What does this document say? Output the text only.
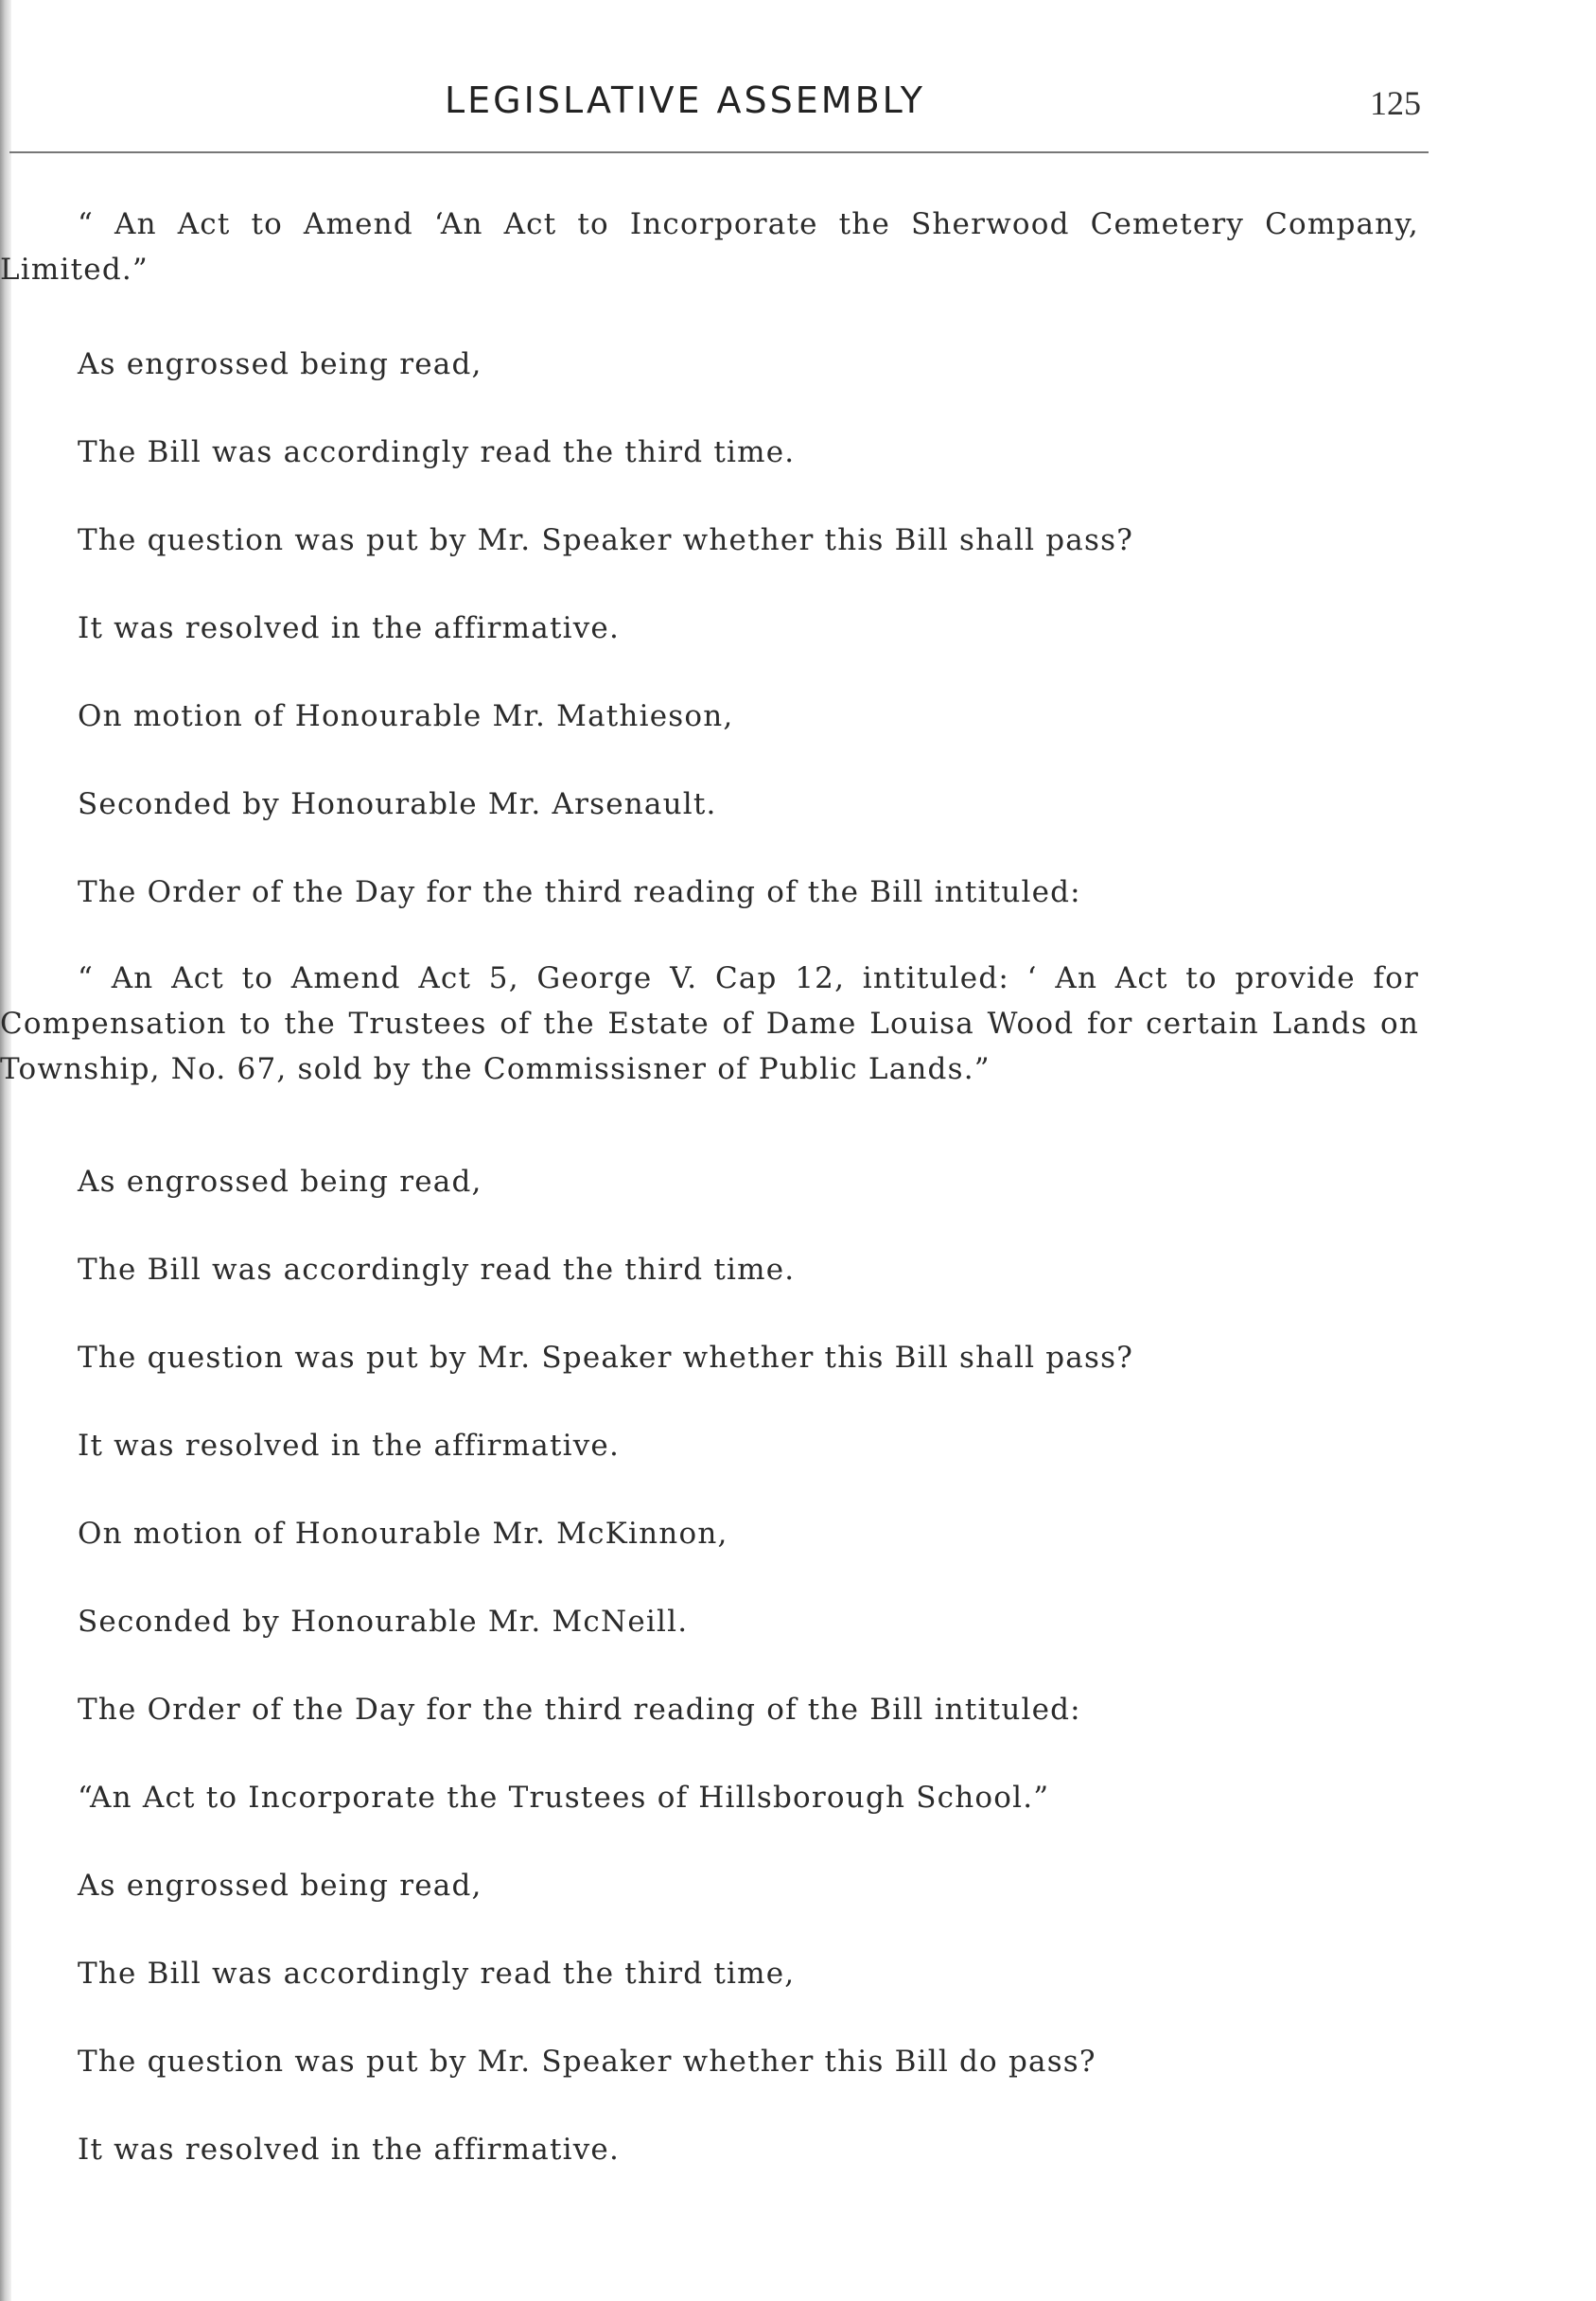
LEGISLATIVE ASSEMBLY	125

“ An Act to Amend ‘An Act to Incorporate the Sherwood Cemetery Company, Limited.”

As engrossed being read,

The Bill was accordingly read the third time.

The question was put by Mr. Speaker whether this Bill shall pass?

It was resolved in the affirmative.

On motion of Honourable Mr. Mathieson,

Seconded by Honourable Mr. Arsenault.

The Order of the Day for the third reading of the Bill intituled:

“ An Act to Amend Act 5, George V. Cap 12, intituled: ‘ An Act to provide for Compensation to the Trustees of the Estate of Dame Louisa Wood for certain Lands on Township, No. 67, sold by the Commissisner of Public Lands.”

As engrossed being read,

The Bill was accordingly read the third time.

The question was put by Mr. Speaker whether this Bill shall pass?

It was resolved in the affirmative.

On motion of Honourable Mr. McKinnon,

Seconded by Honourable Mr. McNeill.

The Order of the Day for the third reading of the Bill intituled:

“An Act to Incorporate the Trustees of Hillsborough School.”

As engrossed being read,

The Bill was accordingly read the third time,

The question was put by Mr. Speaker whether this Bill do pass?

It was resolved in the affirmative.
